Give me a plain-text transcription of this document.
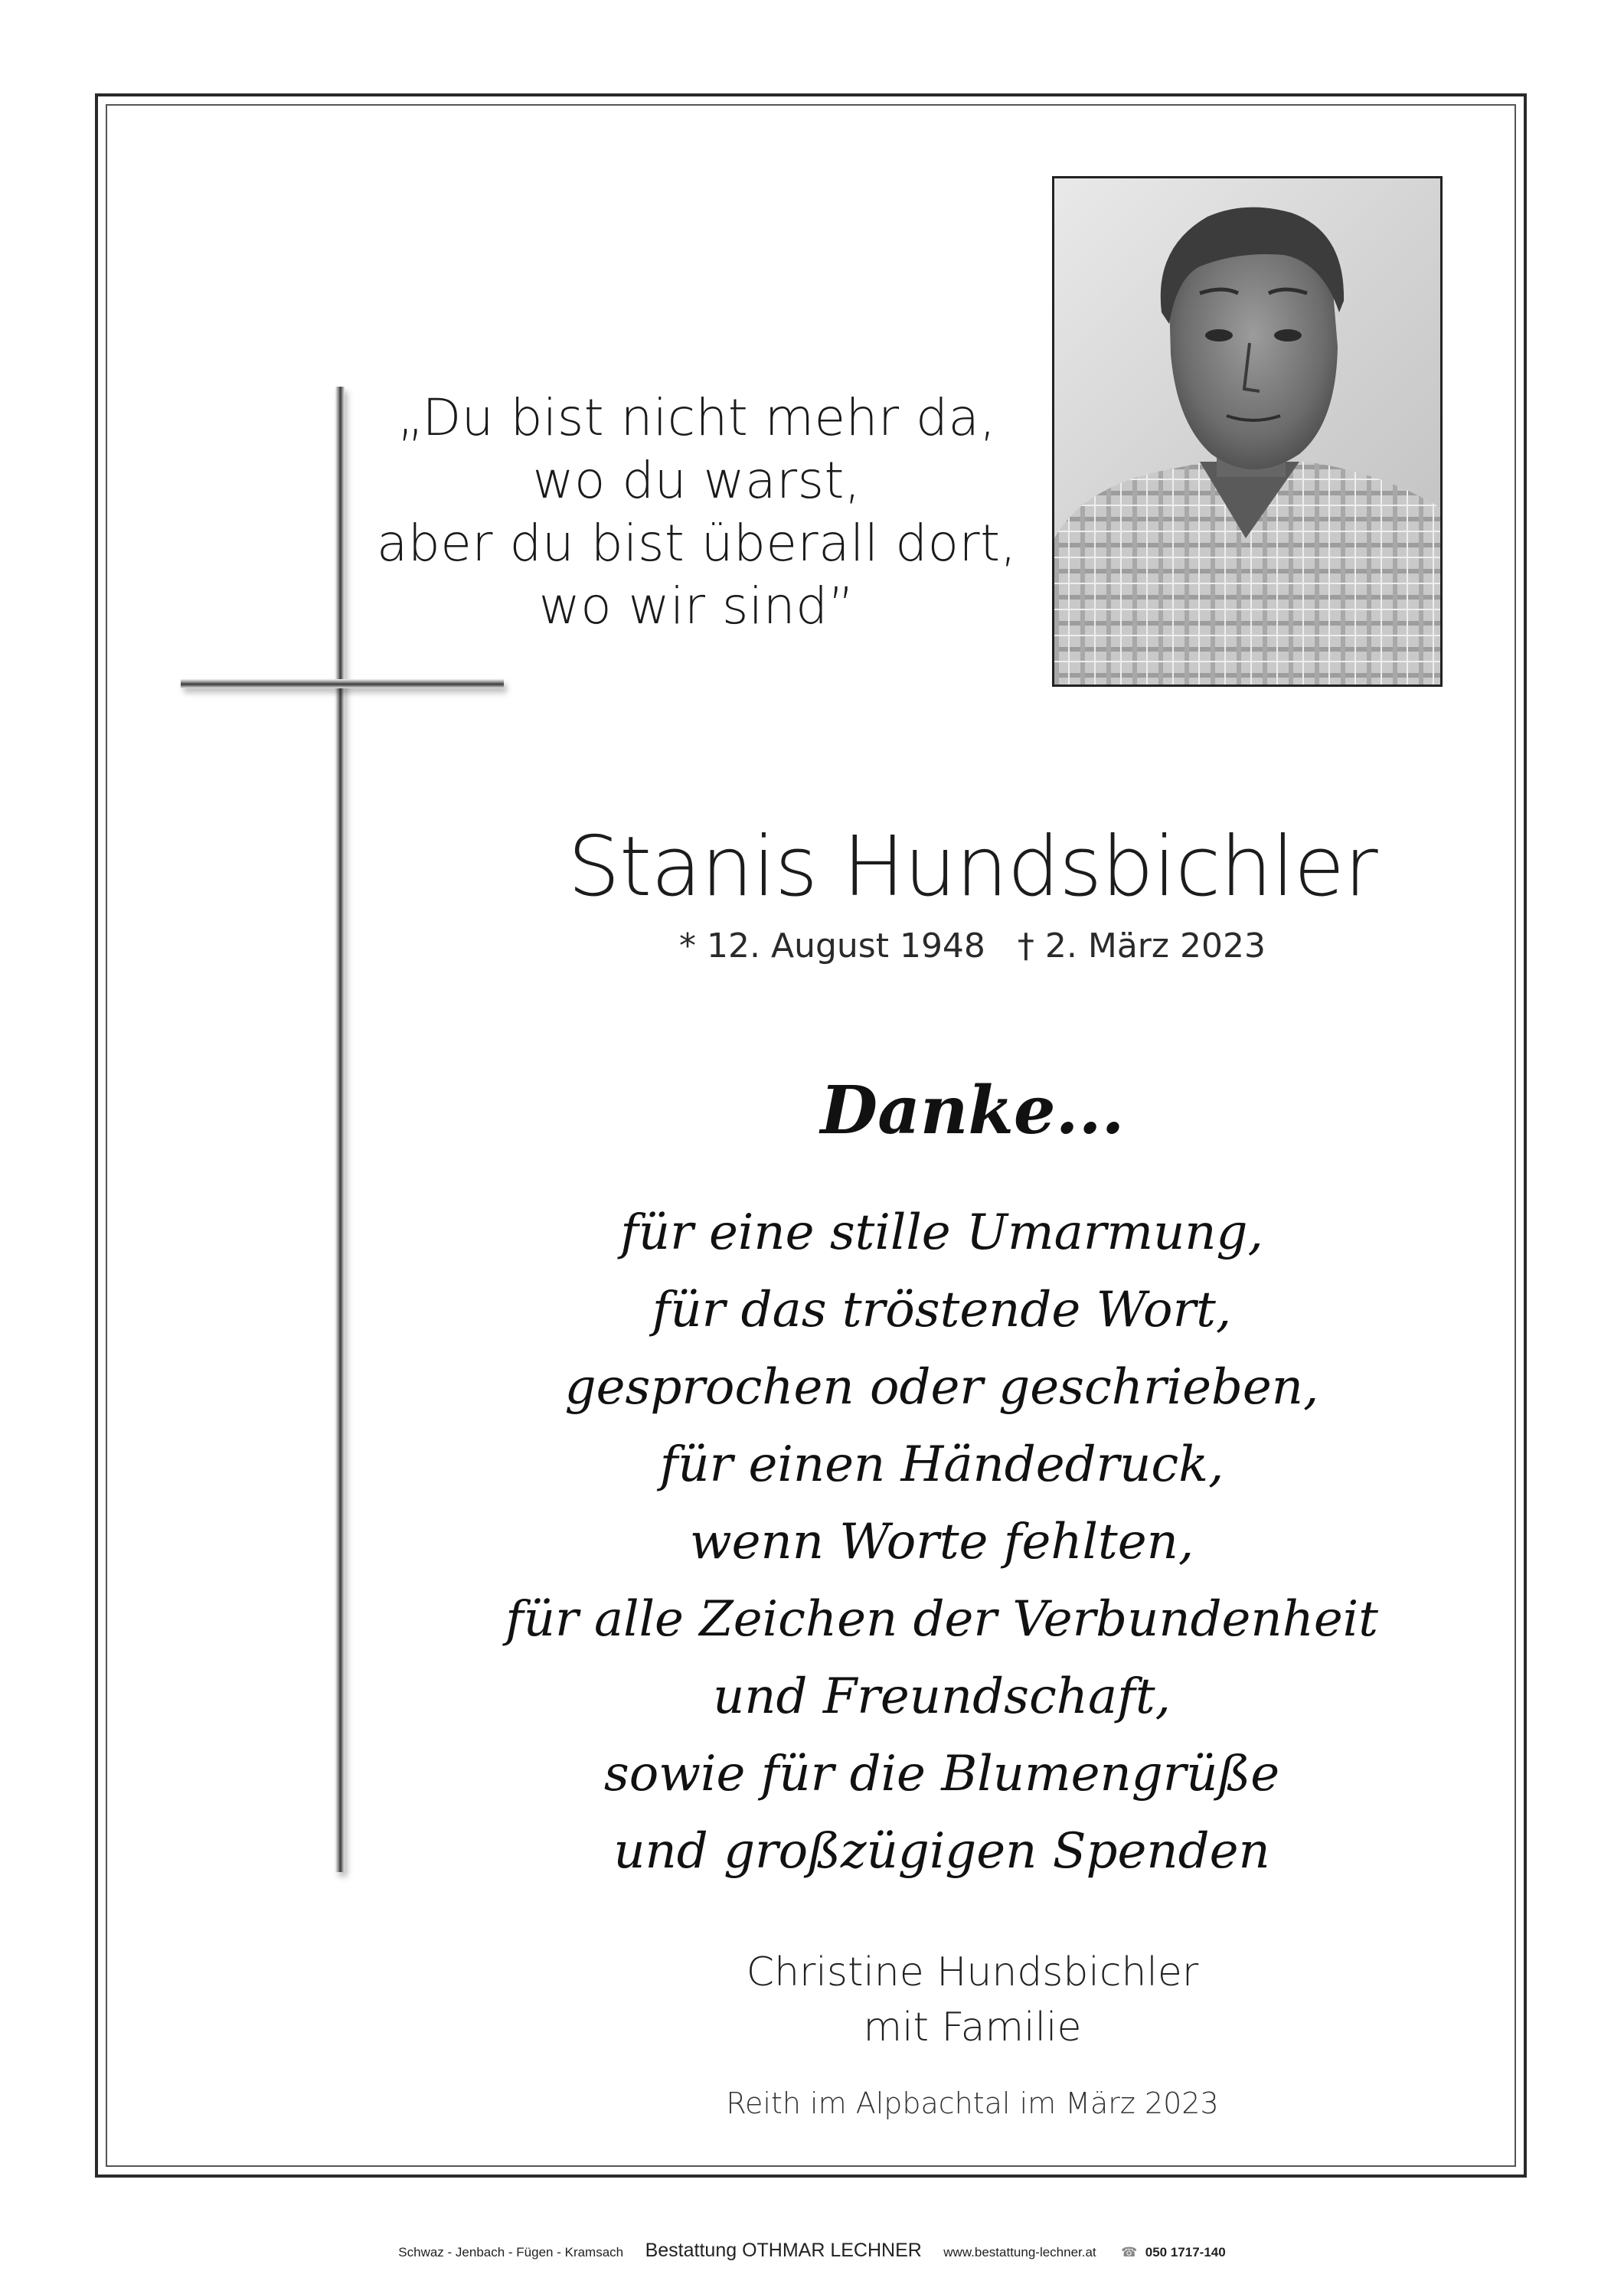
„Du bist nicht mehr da,
wo du warst,
aber du bist überall dort,
wo wir sind”
Stanis Hundsbichler
* 12. August 1948 † 2. März 2023
Danke...
für eine stille Umarmung,
für das tröstende Wort,
gesprochen oder geschrieben,
für einen Händedruck,
wenn Worte fehlten,
für alle Zeichen der Verbundenheit
und Freundschaft,
sowie für die Blumengrüße
und großzügigen Spenden
Christine Hundsbichler
mit Familie
Reith im Alpbachtal im März 2023
Schwaz - Jenbach - Fügen - Kramsach Bestattung OTHMAR LECHNER www.bestattung-lechner.at ☎ 050 1717-140
